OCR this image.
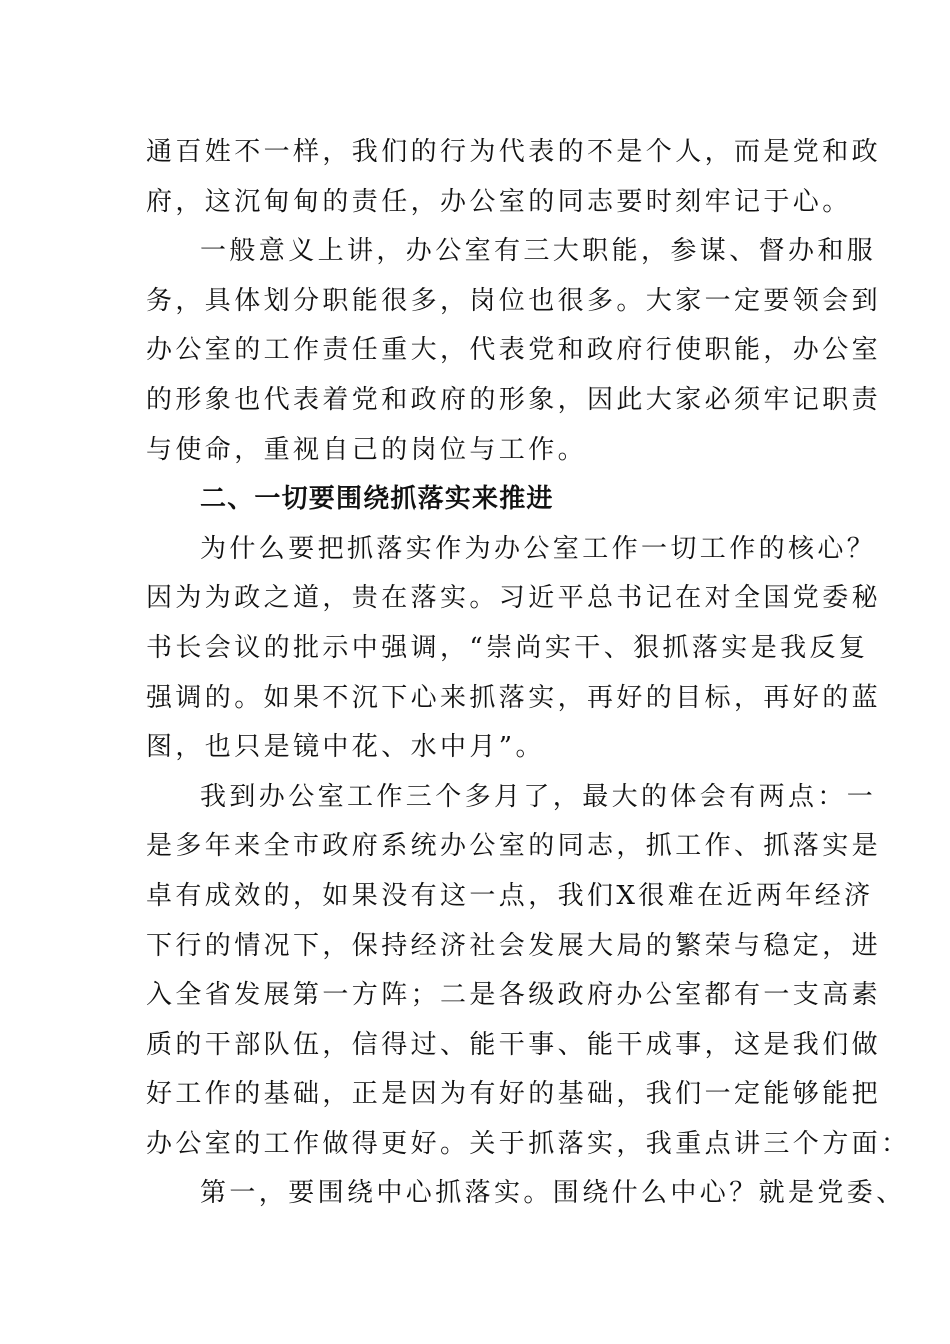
通百姓不一样，我们的行为代表的不是个人，而是党和政
府，这沉甸甸的责任，办公室的同志要时刻牢记于心。
一般意义上讲，办公室有三大职能，参谋、督办和服
务，具体划分职能很多，岗位也很多。大家一定要领会到
办公室的工作责任重大，代表党和政府行使职能，办公室
的形象也代表着党和政府的形象，因此大家必须牢记职责
与使命，重视自己的岗位与工作。
二、一切要围绕抓落实来推进
为什么要把抓落实作为办公室工作一切工作的核心？
因为为政之道，贵在落实。习近平总书记在对全国党委秘
书长会议的批示中强调，“崇尚实干、狠抓落实是我反复
强调的。如果不沉下心来抓落实，再好的目标，再好的蓝
图，也只是镜中花、水中月”。
我到办公室工作三个多月了，最大的体会有两点：一
是多年来全市政府系统办公室的同志，抓工作、抓落实是
卓有成效的，如果没有这一点，我们X很难在近两年经济
下行的情况下，保持经济社会发展大局的繁荣与稳定，进
入全省发展第一方阵；二是各级政府办公室都有一支高素
质的干部队伍，信得过、能干事、能干成事，这是我们做
好工作的基础，正是因为有好的基础，我们一定能够能把
办公室的工作做得更好。关于抓落实，我重点讲三个方面：
第一，要围绕中心抓落实。围绕什么中心？就是党委、
